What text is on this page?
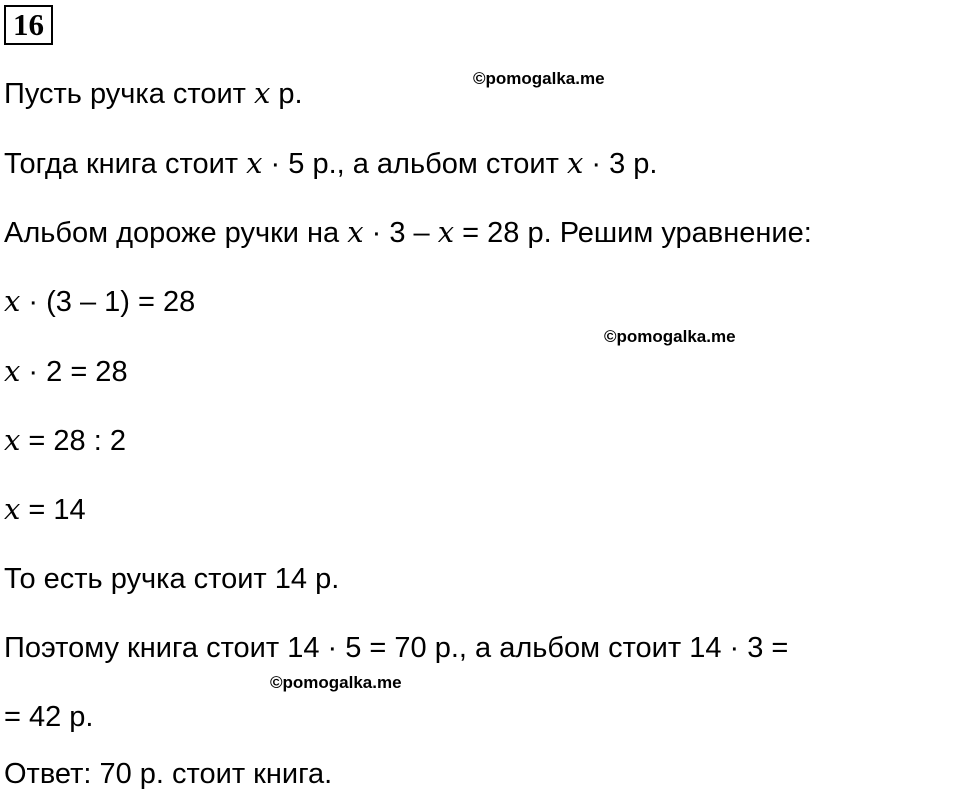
16
Пусть ручка стоит 𝑥 р.
Тогда книга стоит 𝑥 · 5 р., а альбом стоит 𝑥 · 3 р.
Альбом дороже ручки на 𝑥 · 3 – 𝑥 = 28 р. Решим уравнение:
𝑥 · (3 – 1) = 28
𝑥 · 2 = 28
𝑥 = 28 : 2
𝑥 = 14
То есть ручка стоит 14 р.
Поэтому книга стоит 14 · 5 = 70 р., а альбом стоит 14 · 3 =
= 42 р.
Ответ: 70 р. стоит книга.
©pomogalka.me
©pomogalka.me
©pomogalka.me
